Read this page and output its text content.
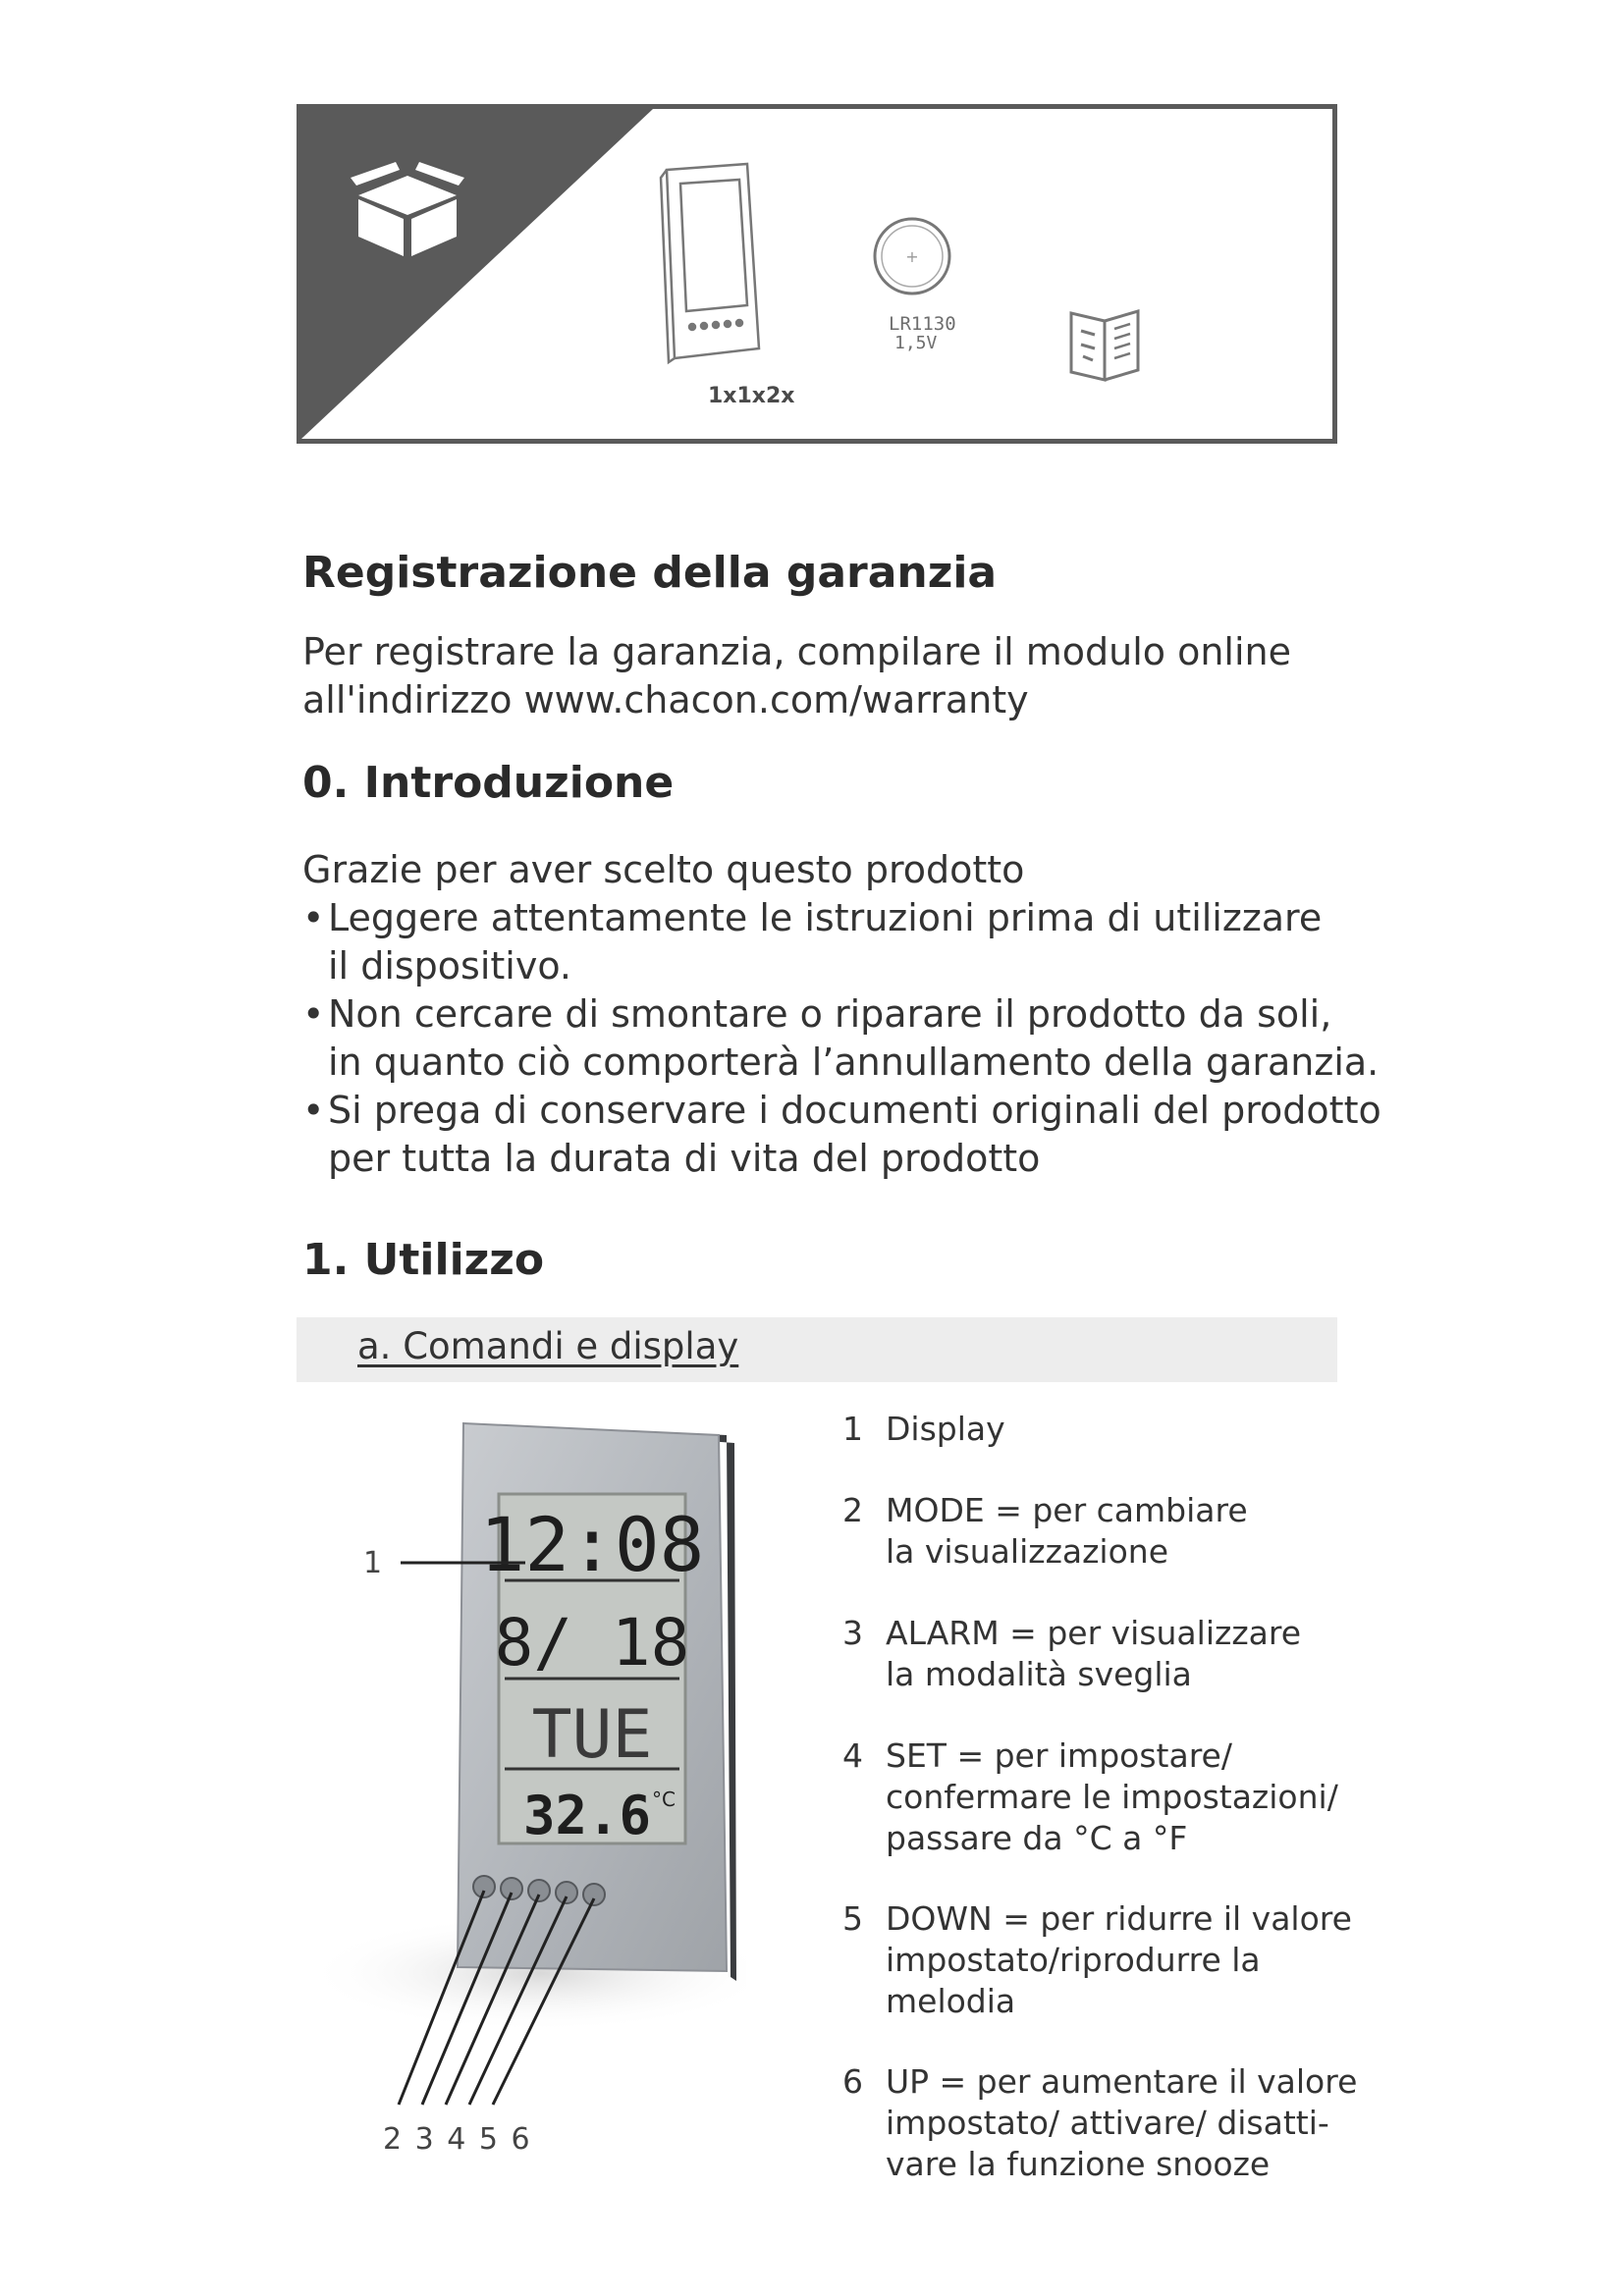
+
LR1130
1,5V
1x1x2x
Registrazione della garanzia

Per registrare la garanzia, compilare il modulo online

all'indirizzo www.chacon.com/warranty

0. Introduzione

Grazie per aver scelto questo prodotto

• Leggere attentamente le istruzioni prima di utilizzare
il dispositivo.
• Non cercare di smontare o riparare il prodotto da soli,
in quanto ciò comporterà l’annullamento della garanzia.
• Si prega di conservare i documenti originali del prodotto
per tutta la durata di vita del prodotto
1. Utilizzo
a. Comandi e display
12:08
8/ 18
TUE
32.6 °C
1
2 3 4 5 6
1 Display
2 MODE = per cambiare
la visualizzazione
3 ALARM = per visualizzare
la modalità sveglia
4 SET = per impostare/
confermare le impostazioni/
passare da °C a °F
5 DOWN = per ridurre il valore
impostato/riprodurre la
melodia
6 UP = per aumentare il valore
impostato/ attivare/ disatti-
vare la funzione snooze
